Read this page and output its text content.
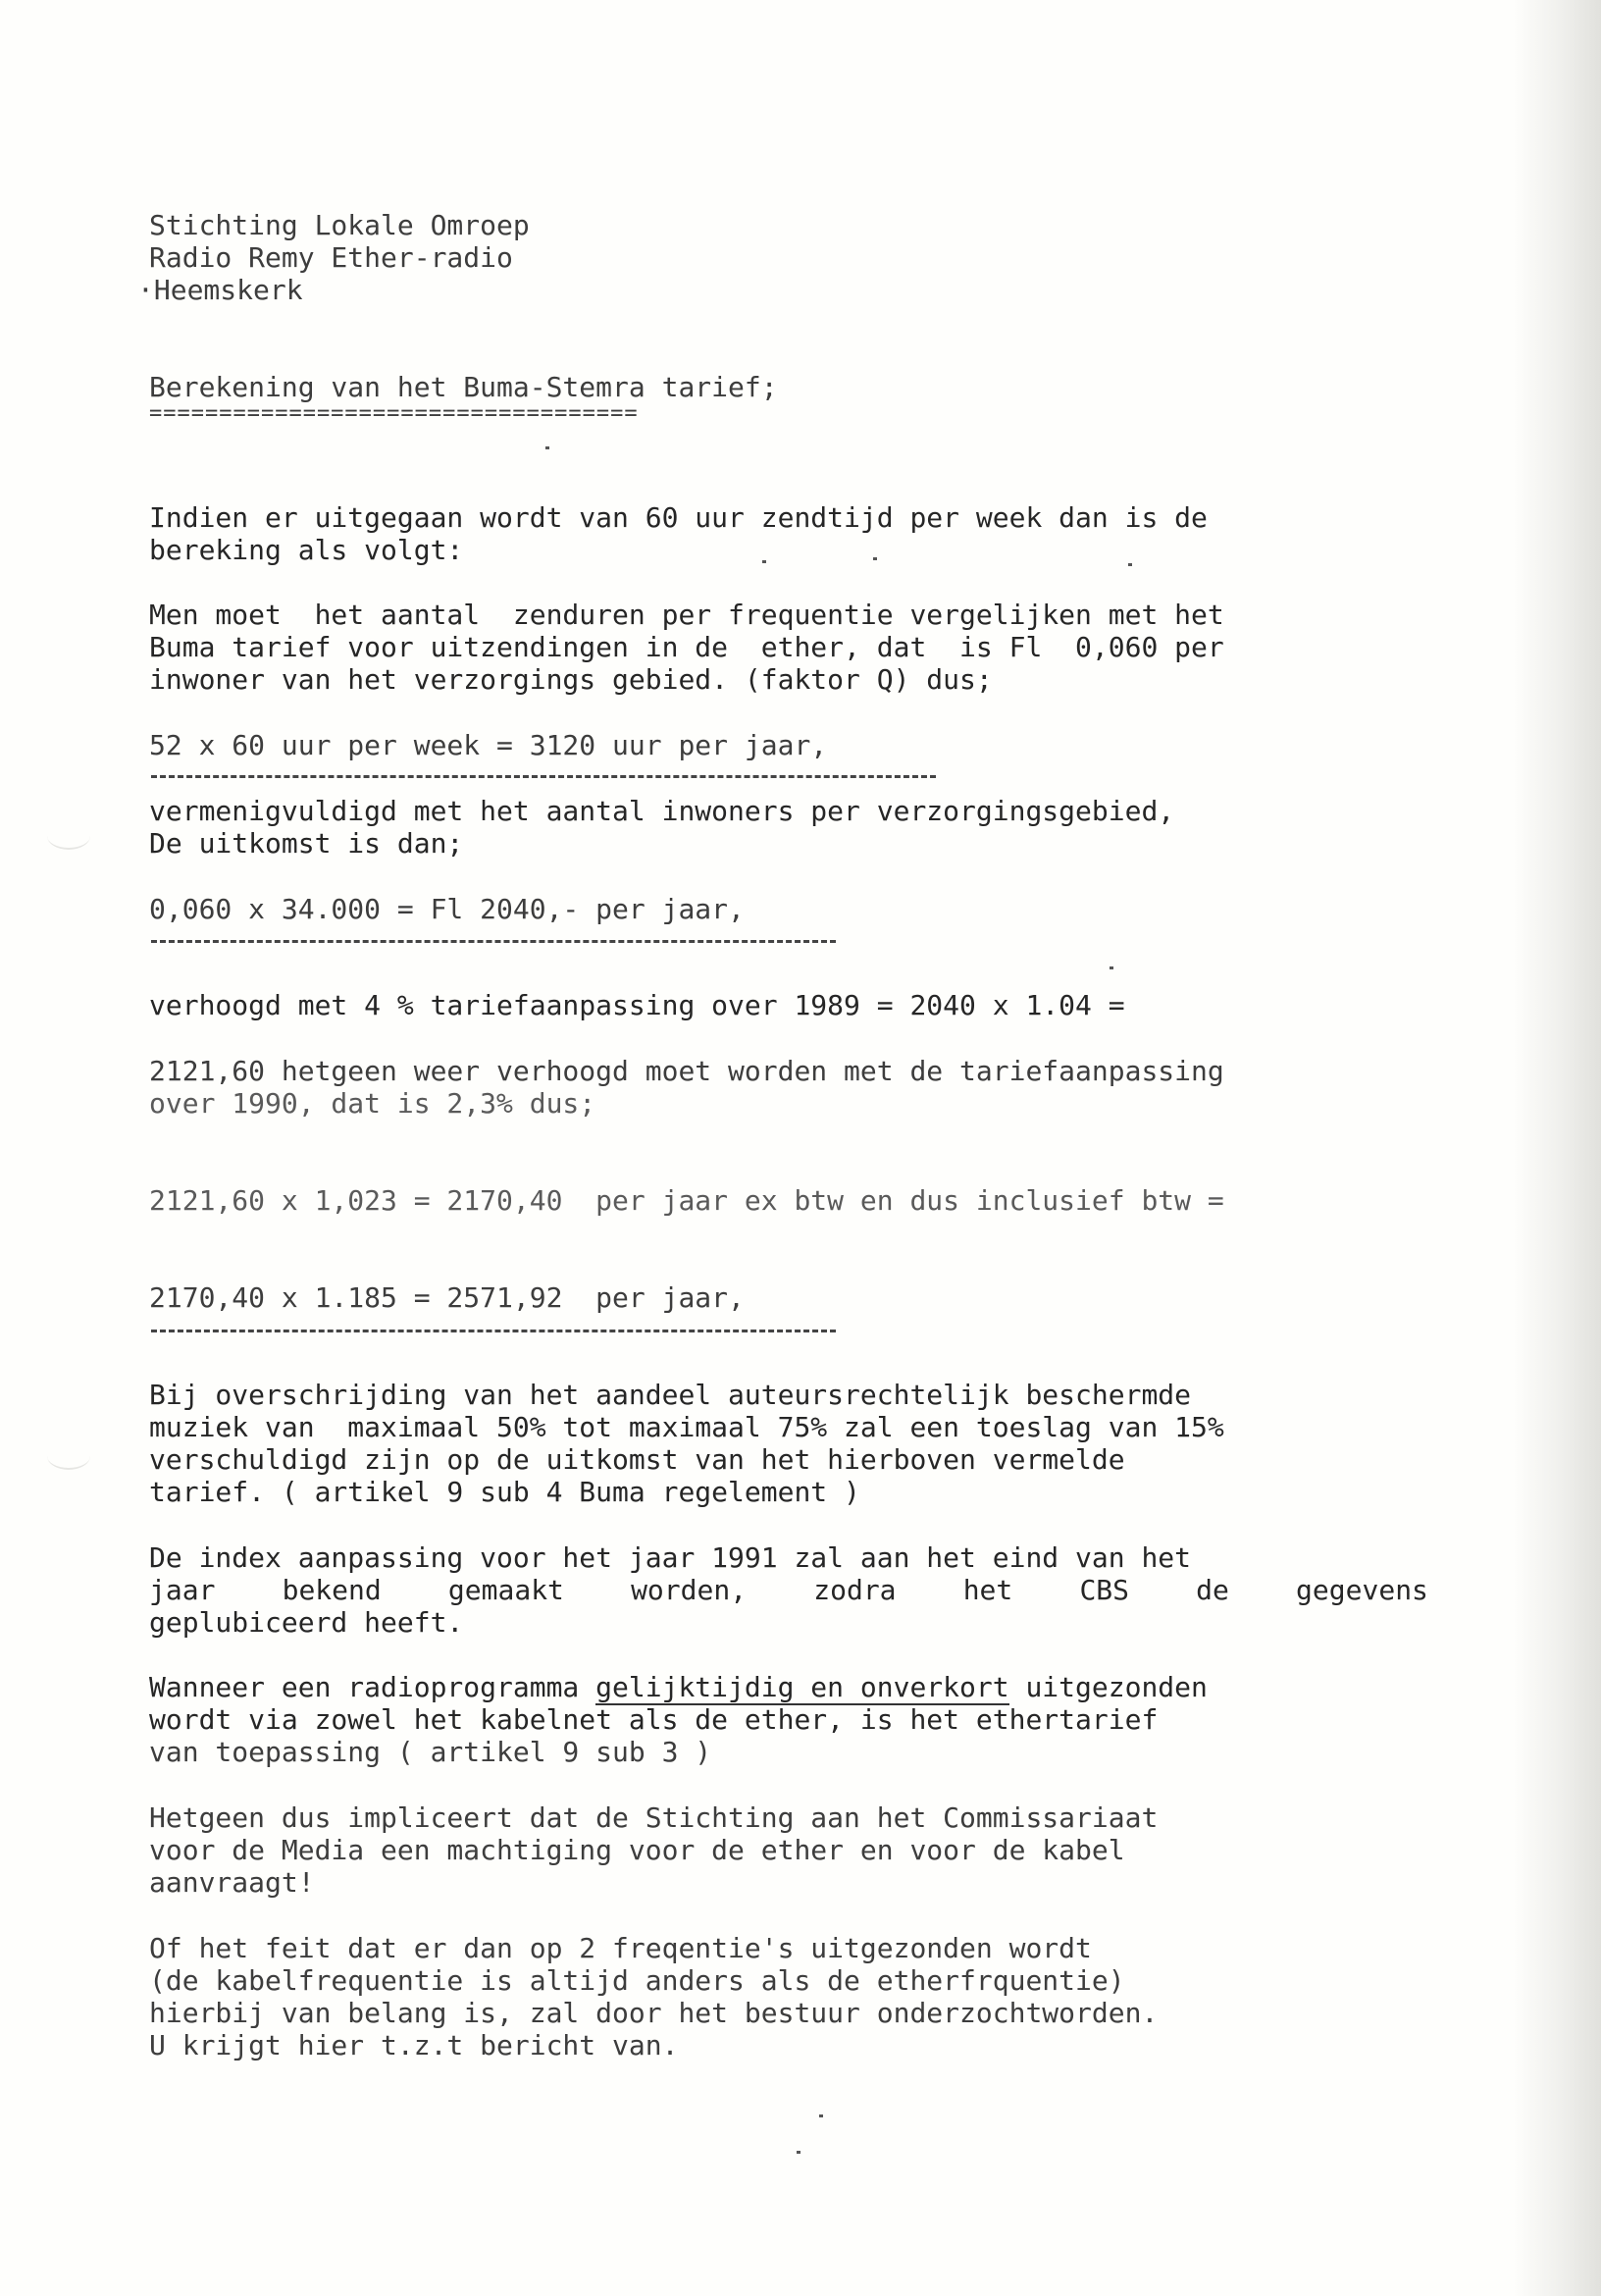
Stichting Lokale Omroep

Radio Remy Ether-radio

·Heemskerk

Berekening van het Buma-Stemra tarief;

===================================

Indien er uitgegaan wordt van 60 uur zendtijd per week dan is de

bereking als volgt:

Men moet  het aantal  zenduren per frequentie vergelijken met het

Buma tarief voor uitzendingen in de  ether, dat  is Fl  0,060 per

inwoner van het verzorgings gebied. (faktor Q) dus;

52 x 60 uur per week = 3120 uur per jaar,

vermenigvuldigd met het aantal inwoners per verzorgingsgebied,

De uitkomst is dan;

0,060 x 34.000 = Fl 2040,- per jaar,

verhoogd met 4 % tariefaanpassing over 1989 = 2040 x 1.04 =

2121,60 hetgeen weer verhoogd moet worden met de tariefaanpassing

over 1990, dat is 2,3% dus;

2121,60 x 1,023 = 2170,40  per jaar ex btw en dus inclusief btw =

2170,40 x 1.185 = 2571,92  per jaar,

Bij overschrijding van het aandeel auteursrechtelijk beschermde

muziek van  maximaal 50% tot maximaal 75% zal een toeslag van 15%

verschuldigd zijn op de uitkomst van het hierboven vermelde

tarief. ( artikel 9 sub 4 Buma regelement )

De index aanpassing voor het jaar 1991 zal aan het eind van het

jaar bekend gemaakt worden, zodra het CBS de gegevens

geplubiceerd heeft.

Wanneer een radioprogramma gelijktijdig en onverkort uitgezonden

wordt via zowel het kabelnet als de ether, is het ethertarief

van toepassing ( artikel 9 sub 3 )

Hetgeen dus impliceert dat de Stichting aan het Commissariaat

voor de Media een machtiging voor de ether en voor de kabel

aanvraagt!

Of het feit dat er dan op 2 freqentie's uitgezonden wordt

(de kabelfrequentie is altijd anders als de etherfrquentie)

hierbij van belang is, zal door het bestuur onderzochtworden.

U krijgt hier t.z.t bericht van.
